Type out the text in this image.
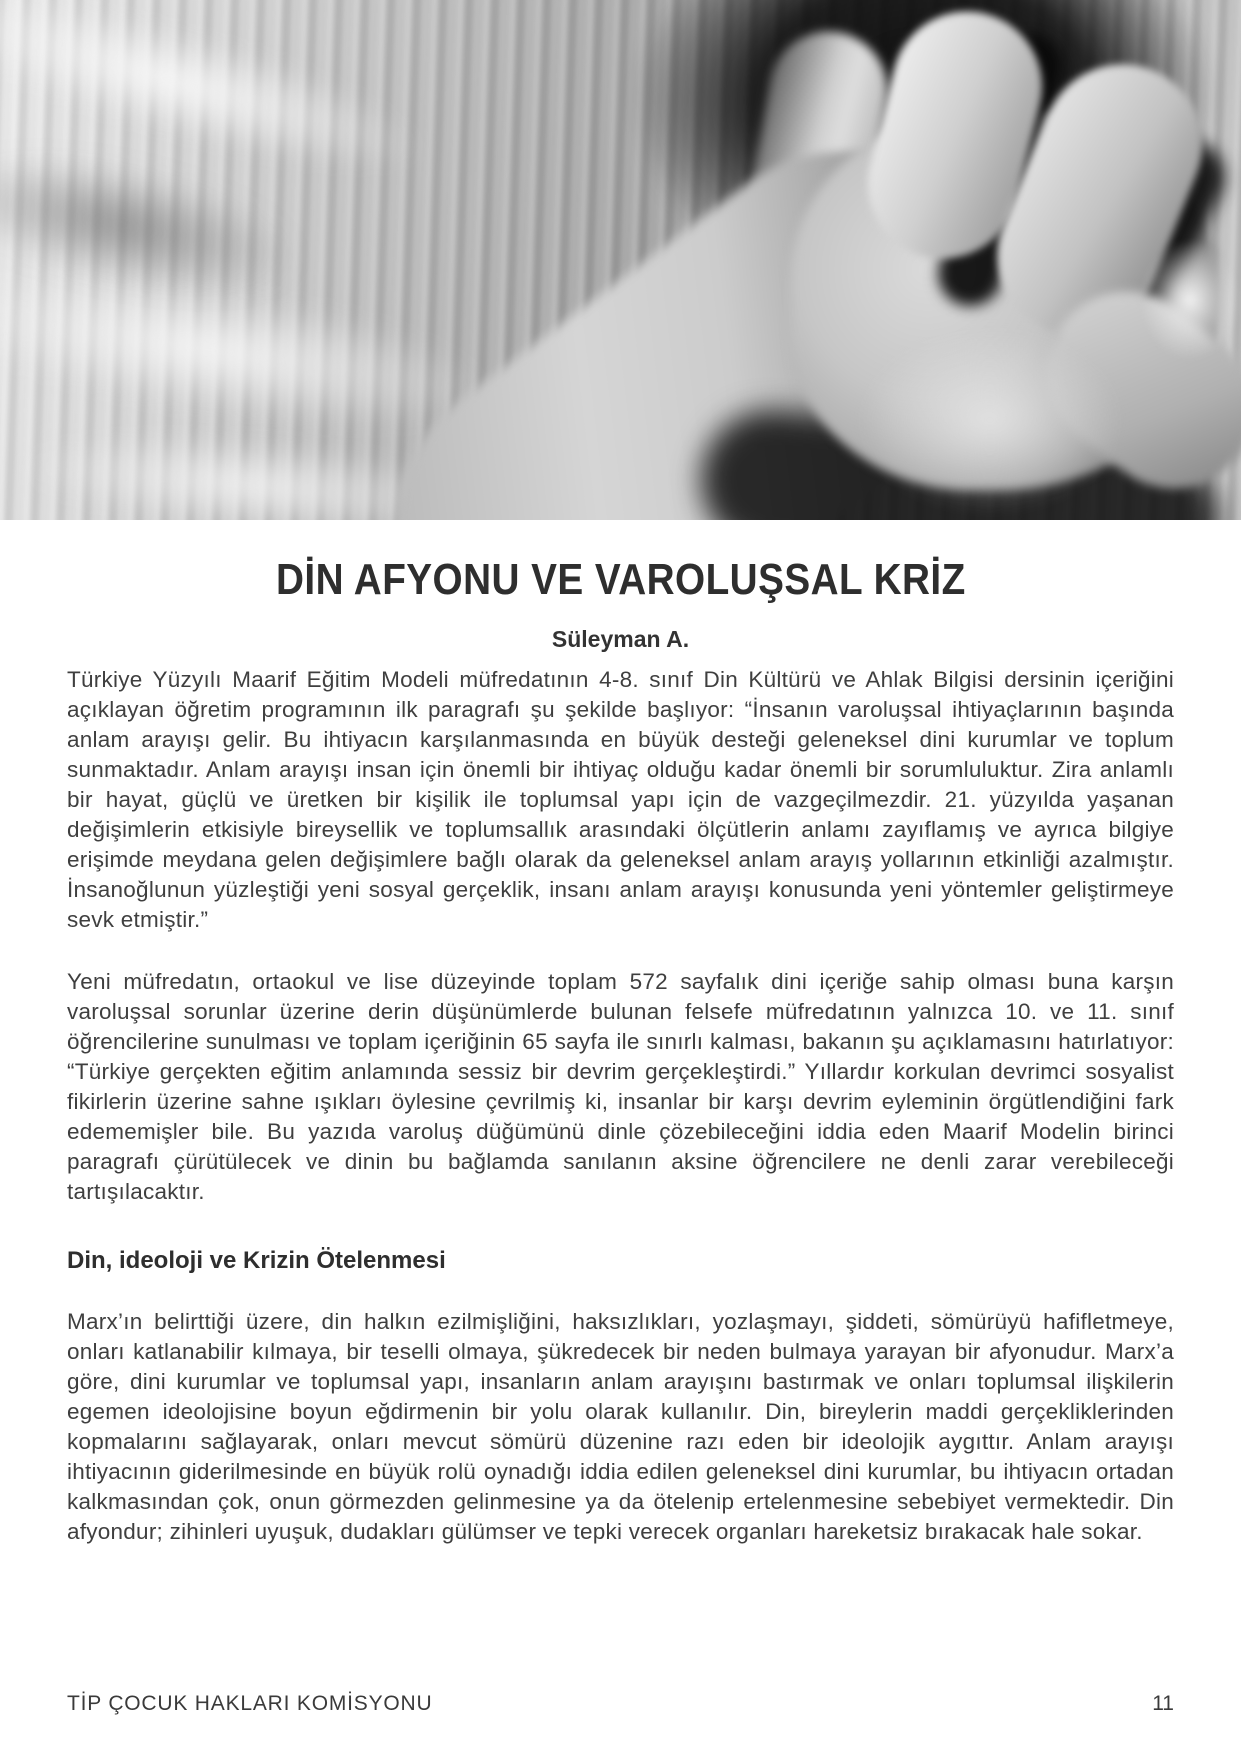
DİN AFYONU VE VAROLUŞSAL KRİZ
Süleyman A.

Türkiye Yüzyılı Maarif Eğitim Modeli müfredatının 4-8. sınıf Din Kültürü ve Ahlak Bilgisi dersinin içeriğini açıklayan öğretim programının ilk paragrafı şu şekilde başlıyor: “İnsanın varoluşsal ihtiyaçlarının başında anlam arayışı gelir. Bu ihtiyacın karşılanmasında en büyük desteği geleneksel dini kurumlar ve toplum sunmaktadır. Anlam arayışı insan için önemli bir ihtiyaç olduğu kadar önemli bir sorumluluktur. Zira anlamlı bir hayat, güçlü ve üretken bir kişilik ile toplumsal yapı için de vazgeçilmezdir. 21. yüzyılda yaşanan değişimlerin etkisiyle bireysellik ve toplumsallık arasındaki ölçütlerin anlamı zayıflamış ve ayrıca bilgiye erişimde meydana gelen değişimlere bağlı olarak da geleneksel anlam arayış yollarının etkinliği azalmıştır. İnsanoğlunun yüzleştiği yeni sosyal gerçeklik, insanı anlam arayışı konusunda yeni yöntemler geliştirmeye sevk etmiştir.”

Yeni müfredatın, ortaokul ve lise düzeyinde toplam 572 sayfalık dini içeriğe sahip olması buna karşın varoluşsal sorunlar üzerine derin düşünümlerde bulunan felsefe müfredatının yalnızca 10. ve 11. sınıf öğrencilerine sunulması ve toplam içeriğinin 65 sayfa ile sınırlı kalması, bakanın şu açıklamasını hatırlatıyor: “Türkiye gerçekten eğitim anlamında sessiz bir devrim gerçekleştirdi.” Yıllardır korkulan devrimci sosyalist fikirlerin üzerine sahne ışıkları öylesine çevrilmiş ki, insanlar bir karşı devrim eyleminin örgütlendiğini fark edememişler bile. Bu yazıda varoluş düğümünü dinle çözebileceğini iddia eden Maarif Modelin birinci paragrafı çürütülecek ve dinin bu bağlamda sanılanın aksine öğrencilere ne denli zarar verebileceği tartışılacaktır.

Din, ideoloji ve Krizin Ötelenmesi

Marx’ın belirttiği üzere, din halkın ezilmişliğini, haksızlıkları, yozlaşmayı, şiddeti, sömürüyü hafifletmeye, onları katlanabilir kılmaya, bir teselli olmaya, şükredecek bir neden bulmaya yarayan bir afyonudur. Marx’a göre, dini kurumlar ve toplumsal yapı, insanların anlam arayışını bastırmak ve onları toplumsal ilişkilerin egemen ideolojisine boyun eğdirmenin bir yolu olarak kullanılır. Din, bireylerin maddi gerçekliklerinden kopmalarını sağlayarak, onları mevcut sömürü düzenine razı eden bir ideolojik aygıttır. Anlam arayışı ihtiyacının giderilmesinde en büyük rolü oynadığı iddia edilen geleneksel dini kurumlar, bu ihtiyacın ortadan kalkmasından çok, onun görmezden gelinmesine ya da ötelenip ertelenmesine sebebiyet vermektedir. Din afyondur; zihinleri uyuşuk, dudakları gülümser ve tepki verecek organları hareketsiz bırakacak hale sokar.

TİP ÇOCUK HAKLARI KOMİSYONU	11
